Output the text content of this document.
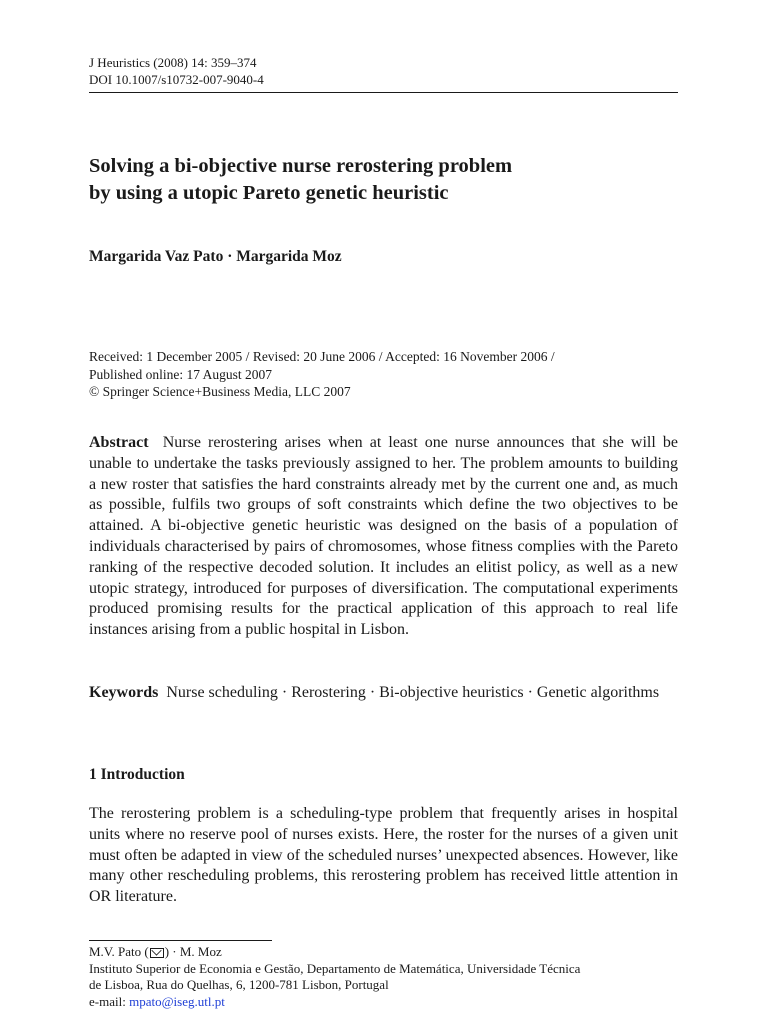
J Heuristics (2008) 14: 359–374
DOI 10.1007/s10732-007-9040-4
Solving a bi-objective nurse rerostering problem
by using a utopic Pareto genetic heuristic
Margarida Vaz Pato · Margarida Moz
Received: 1 December 2005 / Revised: 20 June 2006 / Accepted: 16 November 2006 /
Published online: 17 August 2007
© Springer Science+Business Media, LLC 2007
Abstract Nurse rerostering arises when at least one nurse announces that she will be unable to undertake the tasks previously assigned to her. The problem amounts to building a new roster that satisfies the hard constraints already met by the current one and, as much as possible, fulfils two groups of soft constraints which define the two objectives to be attained. A bi-objective genetic heuristic was designed on the basis of a population of individuals characterised by pairs of chromosomes, whose fitness complies with the Pareto ranking of the respective decoded solution. It includes an elitist policy, as well as a new utopic strategy, introduced for purposes of diversification. The computational experiments produced promising results for the practical application of this approach to real life instances arising from a public hospital in Lisbon.
Keywords Nurse scheduling · Rerostering · Bi-objective heuristics · Genetic algorithms
1 Introduction
The rerostering problem is a scheduling-type problem that frequently arises in hospital units where no reserve pool of nurses exists. Here, the roster for the nurses of a given unit must often be adapted in view of the scheduled nurses’ unexpected absences. However, like many other rescheduling problems, this rerostering problem has received little attention in OR literature.
M.V. Pato ( ) · M. Moz
Instituto Superior de Economia e Gestão, Departamento de Matemática, Universidade Técnica
de Lisboa, Rua do Quelhas, 6, 1200-781 Lisbon, Portugal
e-mail: mpato@iseg.utl.pt
